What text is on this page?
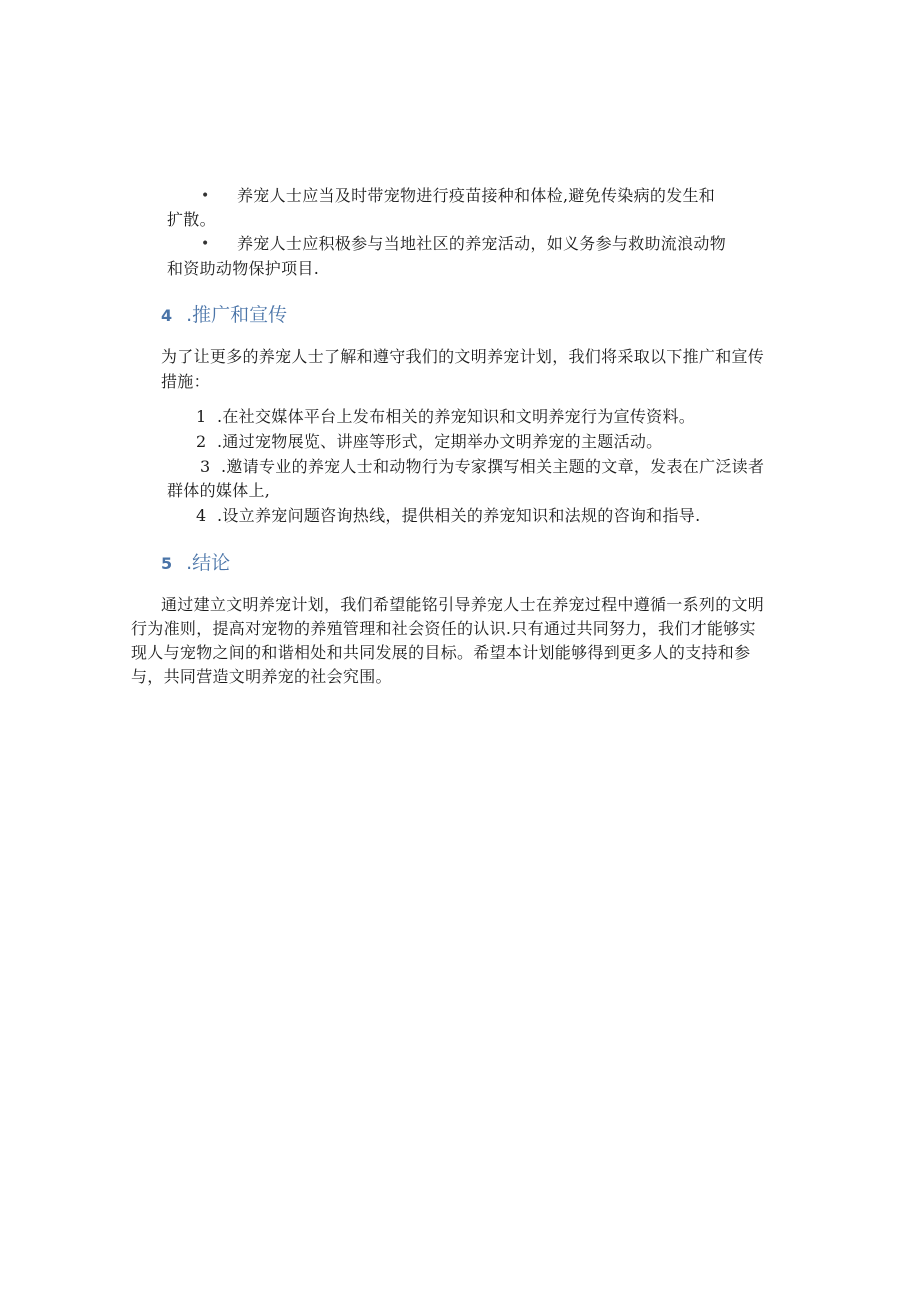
• 养宠人士应当及时带宠物进行疫苗接种和体检,避免传染病的发生和
扩散。
• 养宠人士应积极参与当地社区的养宠活动，如义务参与救助流浪动物
和资助动物保护项目.
4 .推广和宣传
为了让更多的养宠人士了解和遵守我们的文明养宠计划，我们将采取以下推广和宣传
措施：
1 .在社交媒体平台上发布相关的养宠知识和文明养宠行为宣传资料。
2 .通过宠物展览、讲座等形式，定期举办文明养宠的主题活动。
3 .邀请专业的养宠人士和动物行为专家撰写相关主题的文章，发表在广泛读者
群体的媒体上,
4 .设立养宠问题咨询热线，提供相关的养宠知识和法规的咨询和指导.
5 .结论
通过建立文明养宠计划，我们希望能铭引导养宠人士在养宠过程中遵循一系列的文明
行为准则，提高对宠物的养殖管理和社会资任的认识.只有通过共同努力，我们才能够实
现人与宠物之间的和谐相处和共同发展的目标。希望本计划能够得到更多人的支持和参
与，共同营造文明养宠的社会究围。
